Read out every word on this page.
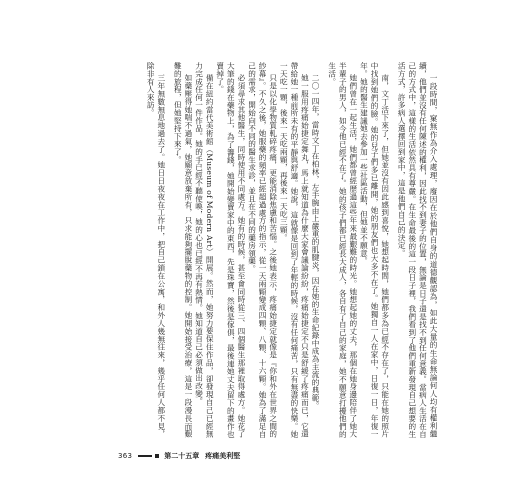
一段時間，窠無作為介入處理，廢因在於他們自身的道德觀認為，如此大量的生命無論何人均有權利繼續，他們並沒有任何陳述的權利，因此找不到妻子的位置，無論是日子還是找不到任何意義。當病人生活在自己的方式中，這樣的生活依然具有尊嚴。在生命最後的這一段日子裡，我們看到了他們重新發現自己想要的生活方式，許多病人選擇回到家中，這是他們自己的決定。

南，文丁活下來了，但她並沒有因此感到喜悅，她想起時間，她們都多為已經不存在了，只能在她的照片中找到她們的臉。她的兒子們多已離開，她的朋友們也大多不在了。她獨自一人在家中，日復一日，年復一年。她的醫生建議她去參加一些社區活動，但她並不願意。

她們曾在一起生活，她們都曾經歷過這些年來最艱難的時光。她想起她的丈夫，那個在她身邊陪伴了她大半輩子的男人，如今他已經不在了。她的孩子們都已經長大成人，各自有了自己的家庭，她不願意打擾他們的生活。

二〇一四年，當時文丁在柏林，左手腕由上嚴重的肌腱炎，因在她的生命紀錄中成為主流的典範。

她一服用疼痛始捷定舞丸，馬上就知道為什麼大家會議論紛紛，疼痛始捷定不只是舒緩了疼痛而已，它還帶給她一種前所未有的平靜與舒適。她說，這就像是回到了年輕的時候，沒有任何痛苦，只有無盡的快樂。她一天吃一顆，後來一天吃兩顆，再後來一天吃三顆。

只是以化學物質軋碎疼痛，更能消除焦慮和苦惱。之後她表示，疼痛始捷定就像是『你和外在世界之間的紗幕』。不久之後，她服藥的頻率已經超過處方的指示，從一天兩顆變成四顆、八顆、十六顆。她為了滿足自己的需求，開始向不同的醫生求診，並且在不同的藥房領藥。

必須尋求其他醫生，同時使用不同處方。她有的時候，甚至會同時從三、四個醫生那裡取得處方。她花了大筆的錢在藥物上，為了籌錢，她開始變賣家中的東西，先是珠寶，然後是傢俱，最後連她丈夫留下的畫作也賣掉了。

備在紐約當代美術館（Museum of Modern Art）開展。然而，她努力要保住作品，卻發現自己已經無力完成任何一件作品。她的手已經不聽使喚，她的心也已經不再有熱情。她知道自己必須做出改變。

如藥壓得她喘不過氣，她願意放棄所有，只求能夠擺脫藥物的控制。她開始接受治療，這是一段漫長而艱難的旅程，但她堅持下來了。

三年無數無息地過去了。她日日夜夜在工作中，把自己鎖在公寓，和外人幾無往來，幾乎任何人都不見，除非有人來訪。

363	第二十五章 疼痛美利堅
